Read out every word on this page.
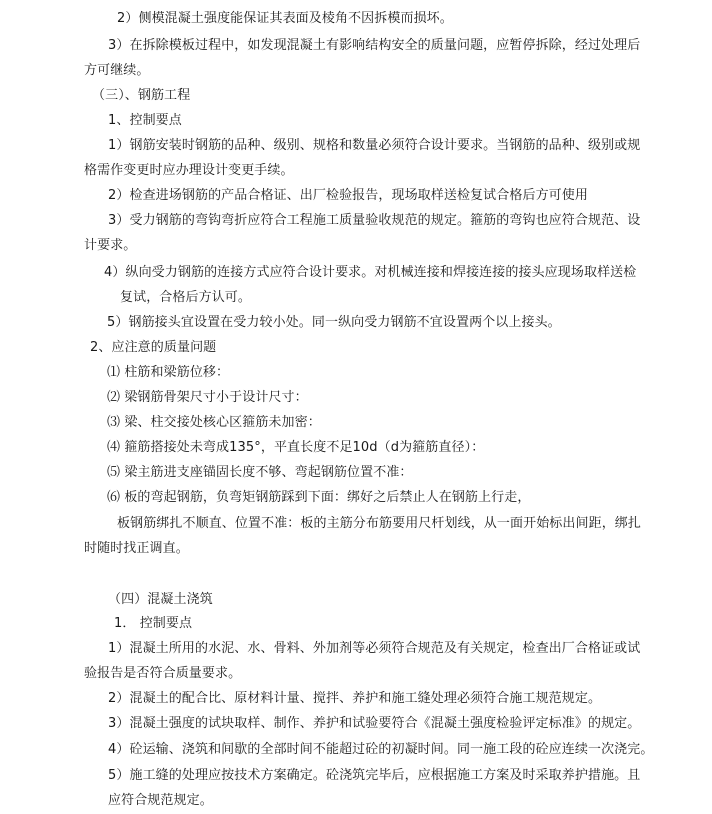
2）侧模混凝土强度能保证其表面及棱角不因拆模而损坏。
3）在拆除模板过程中，如发现混凝土有影响结构安全的质量问题，应暂停拆除，经过处理后
方可继续。
（三）、钢筋工程
1、控制要点
1）钢筋安装时钢筋的品种、级别、规格和数量必须符合设计要求。当钢筋的品种、级别或规
格需作变更时应办理设计变更手续。
2）检查进场钢筋的产品合格证、出厂检验报告，现场取样送检复试合格后方可使用
3）受力钢筋的弯钩弯折应符合工程施工质量验收规范的规定。箍筋的弯钩也应符合规范、设
计要求。
4）纵向受力钢筋的连接方式应符合设计要求。对机械连接和焊接连接的接头应现场取样送检
复试，合格后方认可。
5）钢筋接头宜设置在受力较小处。同一纵向受力钢筋不宜设置两个以上接头。
2、应注意的质量问题
⑴ 柱筋和梁筋位移：
⑵ 梁钢筋骨架尺寸小于设计尺寸：
⑶ 梁、柱交接处核心区箍筋未加密：
⑷ 箍筋搭接处未弯成135°，平直长度不足10d（d为箍筋直径）：
⑸ 梁主筋进支座锚固长度不够、弯起钢筋位置不准：
⑹ 板的弯起钢筋，负弯矩钢筋踩到下面：绑好之后禁止人在钢筋上行走，
板钢筋绑扎不顺直、位置不准：板的主筋分布筋要用尺杆划线，从一面开始标出间距，绑扎
时随时找正调直。
（四）混凝土浇筑
1． 控制要点
1）混凝土所用的水泥、水、骨料、外加剂等必须符合规范及有关规定，检查出厂合格证或试
验报告是否符合质量要求。
2）混凝土的配合比、原材料计量、搅拌、养护和施工缝处理必须符合施工规范规定。
3）混凝土强度的试块取样、制作、养护和试验要符合《混凝土强度检验评定标准》的规定。
4）砼运输、浇筑和间歇的全部时间不能超过砼的初凝时间。同一施工段的砼应连续一次浇完。
5）施工缝的处理应按技术方案确定。砼浇筑完毕后，应根据施工方案及时采取养护措施。且
应符合规范规定。
